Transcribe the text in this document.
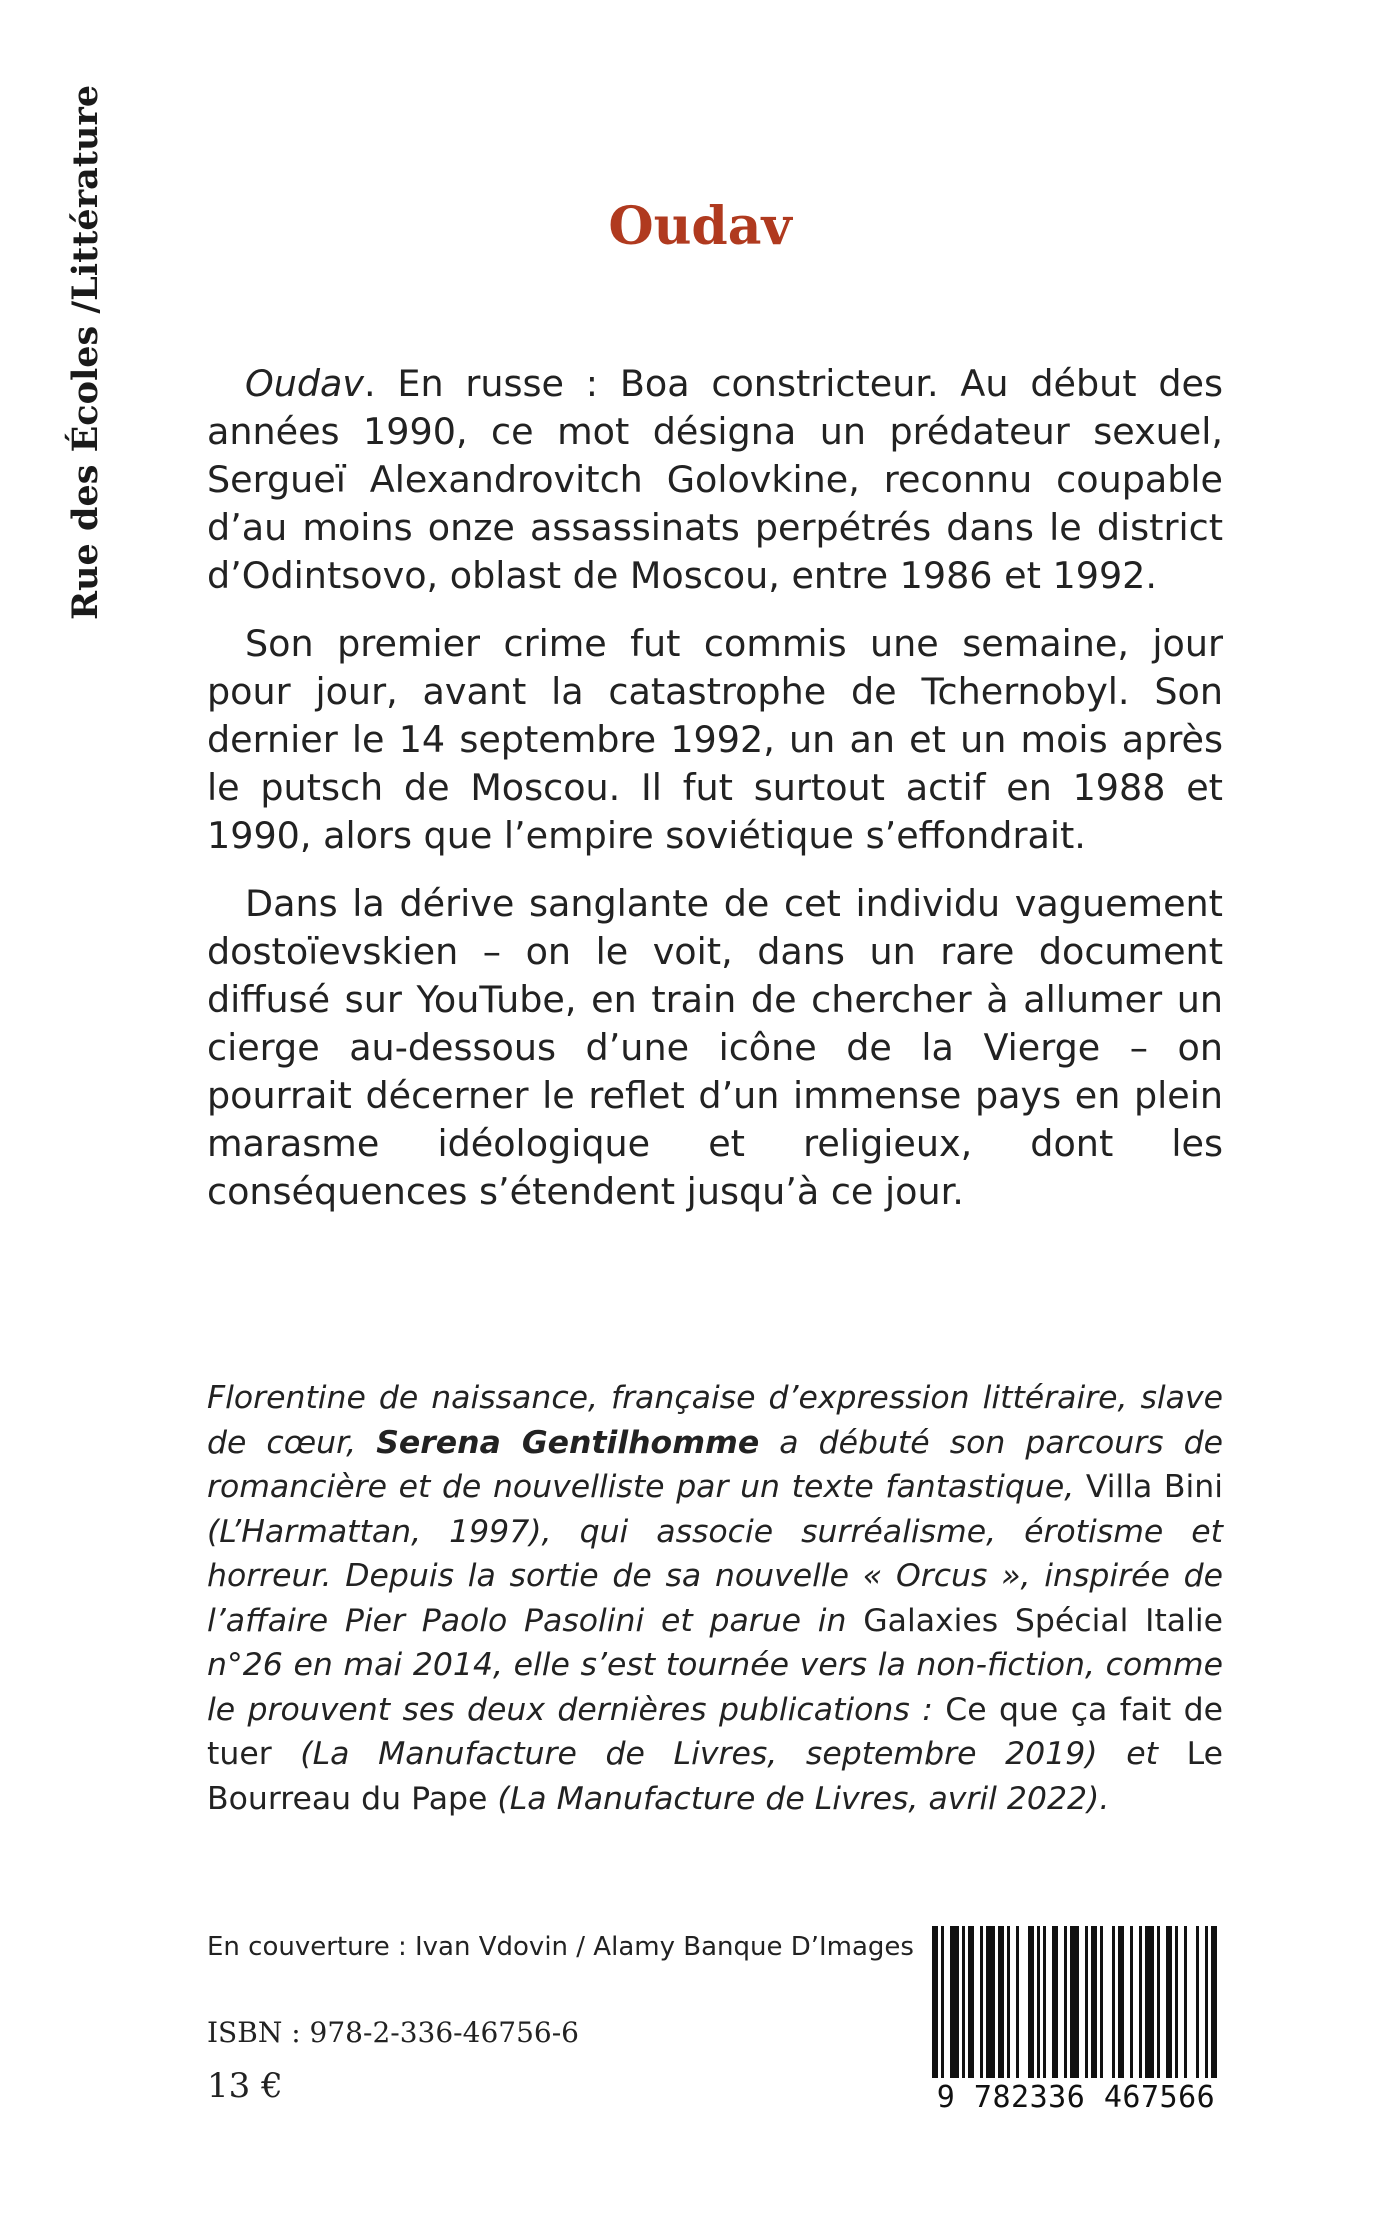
Rue des Écoles /Littérature	Oudav

Oudav. En russe : Boa constricteur. Au début des années 1990, ce mot désigna un prédateur sexuel, Sergueï Alexandrovitch Golovkine, reconnu coupable d’au moins onze assassinats perpétrés dans le district d’Odintsovo, oblast de Moscou, entre 1986 et 1992.

Son premier crime fut commis une semaine, jour pour jour, avant la catastrophe de Tchernobyl. Son dernier le 14 septembre 1992, un an et un mois après le putsch de Moscou. Il fut surtout actif en 1988 et 1990, alors que l’empire soviétique s’effondrait.

Dans la dérive sanglante de cet individu vaguement dostoïevskien – on le voit, dans un rare document diffusé sur YouTube, en train de chercher à allumer un cierge au-dessous d’une icône de la Vierge – on pourrait décerner le reflet d’un immense pays en plein marasme idéologique et religieux, dont les conséquences s’étendent jusqu’à ce jour.

Florentine de naissance, française d’expression littéraire, slave de cœur, Serena Gentilhomme a débuté son parcours de romancière et de nouvelliste par un texte fantastique, Villa Bini (L’Harmattan, 1997), qui associe surréalisme, érotisme et horreur. Depuis la sortie de sa nouvelle « Orcus », inspirée de l’affaire Pier Paolo Pasolini et parue in Galaxies Spécial Italie n°26 en mai 2014, elle s’est tournée vers la non-fiction, comme le prouvent ses deux dernières publications : Ce que ça fait de tuer (La Manufacture de Livres, septembre 2019) et Le Bourreau du Pape (La Manufacture de Livres, avril 2022).
En couverture : Ivan Vdovin / Alamy Banque D’Images
ISBN : 978-2-336-46756-6
13 €	9 782336 467566
